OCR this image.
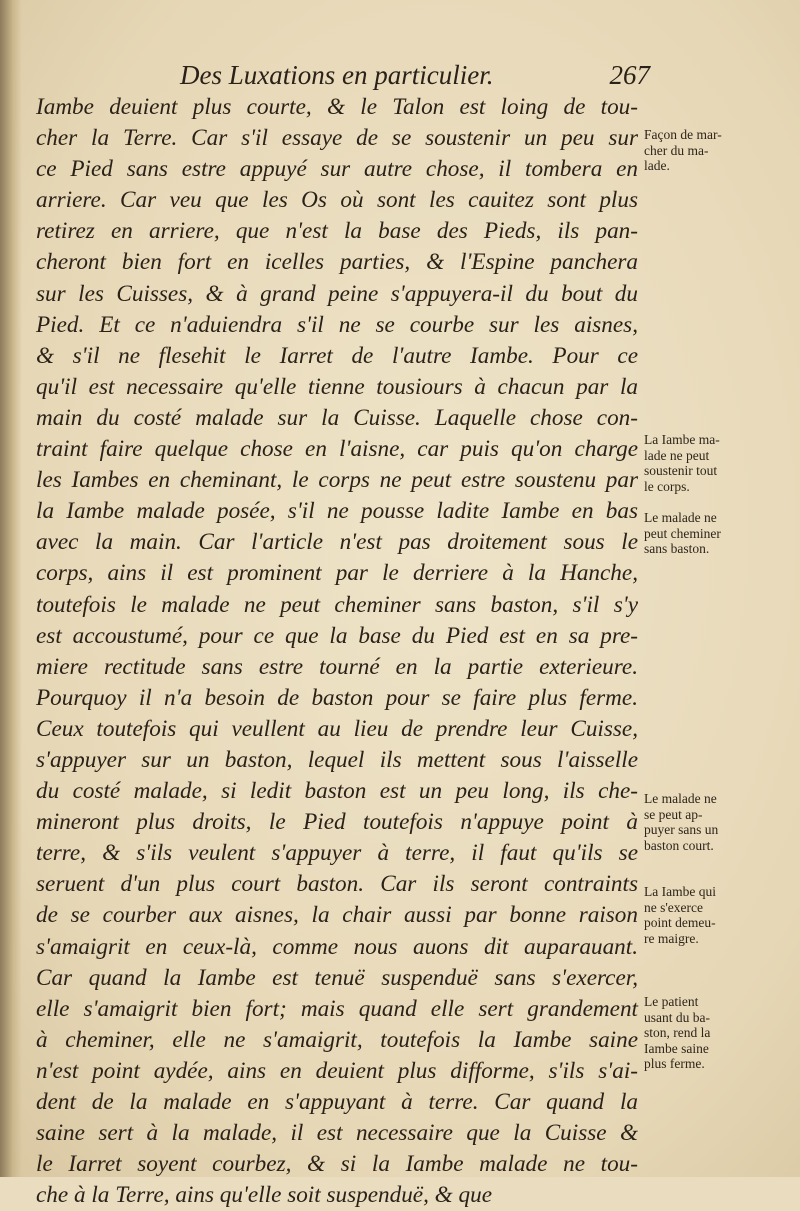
Des Luxations en particulier.	267
Iambe deuient plus courte, & le Talon est loing de tou-
cher la Terre. Car s'il essaye de se soustenir un peu sur
ce Pied sans estre appuyé sur autre chose, il tombera en
arriere. Car veu que les Os où sont les cauitez sont plus
retirez en arriere, que n'est la base des Pieds, ils pan-
cheront bien fort en icelles parties, & l'Espine panchera
sur les Cuisses, & à grand peine s'appuyera-il du bout du
Pied. Et ce n'aduiendra s'il ne se courbe sur les aisnes,
& s'il ne flesehit le Iarret de l'autre Iambe. Pour ce
qu'il est necessaire qu'elle tienne tousiours à chacun par la
main du costé malade sur la Cuisse. Laquelle chose con-
traint faire quelque chose en l'aisne, car puis qu'on charge
les Iambes en cheminant, le corps ne peut estre soustenu par
la Iambe malade posée, s'il ne pousse ladite Iambe en bas
avec la main. Car l'article n'est pas droitement sous le
corps, ains il est prominent par le derriere à la Hanche,
toutefois le malade ne peut cheminer sans baston, s'il s'y
est accoustumé, pour ce que la base du Pied est en sa pre-
miere rectitude sans estre tourné en la partie exterieure.
Pourquoy il n'a besoin de baston pour se faire plus ferme.
Ceux toutefois qui veullent au lieu de prendre leur Cuisse,
s'appuyer sur un baston, lequel ils mettent sous l'aisselle
du costé malade, si ledit baston est un peu long, ils che-
mineront plus droits, le Pied toutefois n'appuye point à
terre, & s'ils veulent s'appuyer à terre, il faut qu'ils se
seruent d'un plus court baston. Car ils seront contraints
de se courber aux aisnes, la chair aussi par bonne raison
s'amaigrit en ceux-là, comme nous auons dit auparauant.
Car quand la Iambe est tenuë suspenduë sans s'exercer,
elle s'amaigrit bien fort; mais quand elle sert grandement
à cheminer, elle ne s'amaigrit, toutefois la Iambe saine
n'est point aydée, ains en deuient plus difforme, s'ils s'ai-
dent de la malade en s'appuyant à terre. Car quand la
saine sert à la malade, il est necessaire que la Cuisse &
le Iarret soyent courbez, & si la Iambe malade ne tou-
che à la Terre, ains qu'elle soit suspenduë, & que
Façon de mar-
cher du ma-
lade.
La Iambe ma-
lade ne peut
soustenir tout
le corps.
Le malade ne
peut cheminer
sans baston.
Le malade ne
se peut ap-
puyer sans un
baston court.
La Iambe qui
ne s'exerce
point demeu-
re maigre.
Le patient
usant du ba-
ston, rend la
Iambe saine
plus ferme.
